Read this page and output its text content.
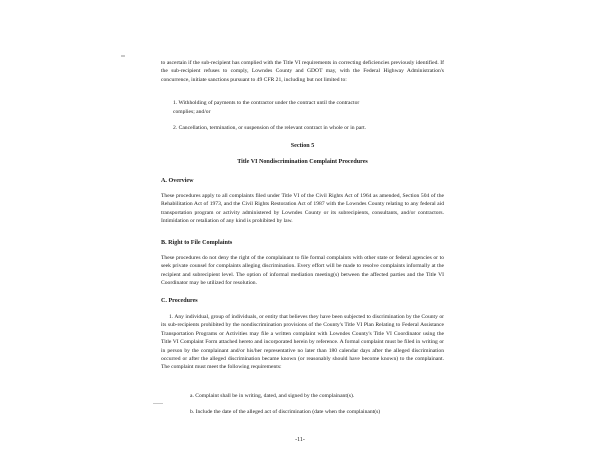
to ascertain if the sub-recipient has complied with the Title VI requirements in correcting deficiencies previously identified. If the sub-recipient refuses to comply, Lowndes County and GDOT may, with the Federal Highway Administration's concurrence, initiate sanctions pursuant to 49 CFR 21, including but not limited to:

1. Withholding of payments to the contractor under the contract until the contractor

complies; and/or

2. Cancellation, termination, or suspension of the relevant contract in whole or in part.

Section 5

Title VI Nondiscrimination Complaint Procedures

A. Overview

These procedures apply to all complaints filed under Title VI of the Civil Rights Act of 1964 as amended, Section 504 of the Rehabilitation Act of 1973, and the Civil Rights Restoration Act of 1987 with the Lowndes County relating to any federal aid transportation program or activity administered by Lowndes County or its subrecipients, consultants, and/or contractors. Intimidation or retaliation of any kind is prohibited by law.

B. Right to File Complaints

These procedures do not deny the right of the complainant to file formal complaints with other state or federal agencies or to seek private counsel for complaints alleging discrimination. Every effort will be made to resolve complaints informally at the recipient and subrecipient level. The option of informal mediation meeting(s) between the affected parties and the Title VI Coordinator may be utilized for resolution.

C. Procedures

1. Any individual, group of individuals, or entity that believes they have been subjected to discrimination by the County or its sub-recipients prohibited by the nondiscrimination provisions of the County's Title VI Plan Relating to Federal Assistance Transportation Programs or Activities may file a written complaint with Lowndes County's Title VI Coordinator using the Title VI Complaint Form attached hereto and incorporated herein by reference. A formal complaint must be filed in writing or in person by the complainant and/or his/her representative no later than 180 calendar days after the alleged discrimination occurred or after the alleged discrimination became known (or reasonably should have become known) to the complainant. The complaint must meet the following requirements:

a. Complaint shall be in writing, dated, and signed by the complainant(s).

b. Include the date of the alleged act of discrimination (date when the complainant(s)

-11-
